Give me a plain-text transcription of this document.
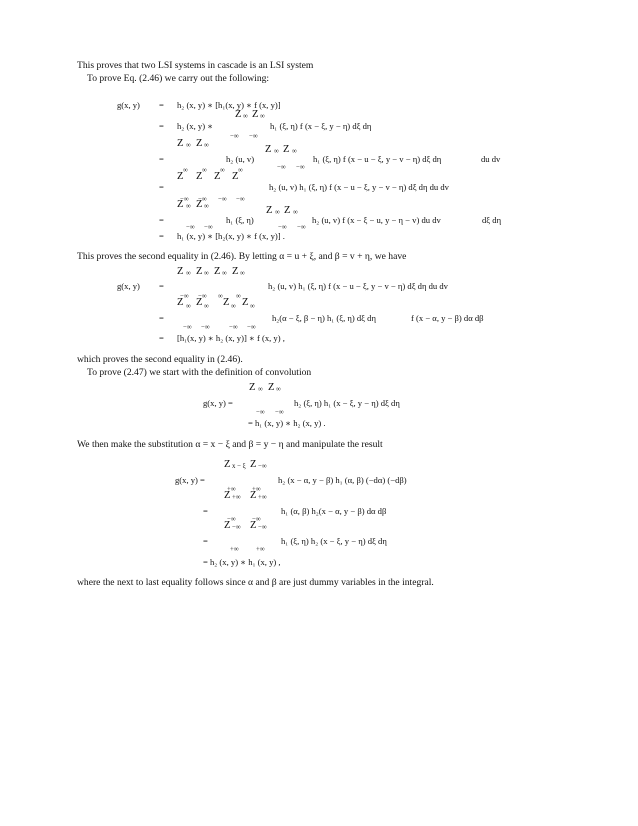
This proves that two LSI systems in cascade is an LSI system
To prove Eq. (2.46) we carry out the following:
g(x, y) = h₂ (x, y) ∗ [h₁(x, y) ∗ f (x, y)]
Z ∞ Z ∞
= h₂ (x, y) ∗	h₁ (ξ, η) f (x − ξ, y − η) dξ dη
−∞ −∞
Z ∞ Z ∞	Z ∞ Z ∞
=	h₂ (u, v)	h₁ (ξ, η) f (x − u − ξ, y − v − η) dξ dη	du dv
−∞ −∞
Z
∞
Z
∞
Z
∞
Z
∞
=	h₂ (u, v) h₁ (ξ, η) f (x − u − ξ, y − v − η) dξ dη du dv
−∞ −∞ −∞ −∞
Z ∞ Z ∞	Z ∞ Z ∞
=	h₁ (ξ, η)	h₂ (u, v) f (x − ξ − u, y − η − v) du dv	dξ dη
−∞ −∞	−∞ −∞
= h₁ (x, y) ∗ [h₂(x, y) ∗ f (x, y)] .
This proves the second equality in (2.46). By letting α = u + ξ, and β = v + η, we have
Z ∞ Z ∞ Z ∞ Z ∞
g(x, y) =	h₂ (u, v) h₁ (ξ, η) f (x − u − ξ, y − v − η) dξ dη du dv
−∞ −∞ ∞ ∞
Z ∞ Z ∞ Z ∞ Z ∞
=	h₂(α − ξ, β − η) h₁ (ξ, η) dξ dη	f (x − α, y − β) dα dβ
−∞ −∞	−∞ −∞
= [h₁(x, y) ∗ h₂ (x, y)] ∗ f (x, y) ,
which proves the second equality in (2.46).
To prove (2.47) we start with the definition of convolution
Z ∞ Z ∞
g(x, y) =	h₂ (ξ, η) h₁ (x − ξ, y − η) dξ dη
−∞ −∞
= h₁ (x, y) ∗ h₂ (x, y) .
We then make the substitution α = x − ξ and β = y − η and manipulate the result
Z x − ξ Z −∞
g(x, y) =	h₂ (x − α, y − β) h₁ (α, β) (−dα) (−dβ)
+∞ +∞
Z +∞ Z +∞
=	h₁ (α, β) h₂(x − α, y − β) dα dβ
−∞ −∞
Z −∞ Z −∞
=	h₁ (ξ, η) h₂ (x − ξ, y − η) dξ dη
+∞	+∞
= h₂ (x, y) ∗ h₁ (x, y) ,
where the next to last equality follows since α and β are just dummy variables in the integral.
